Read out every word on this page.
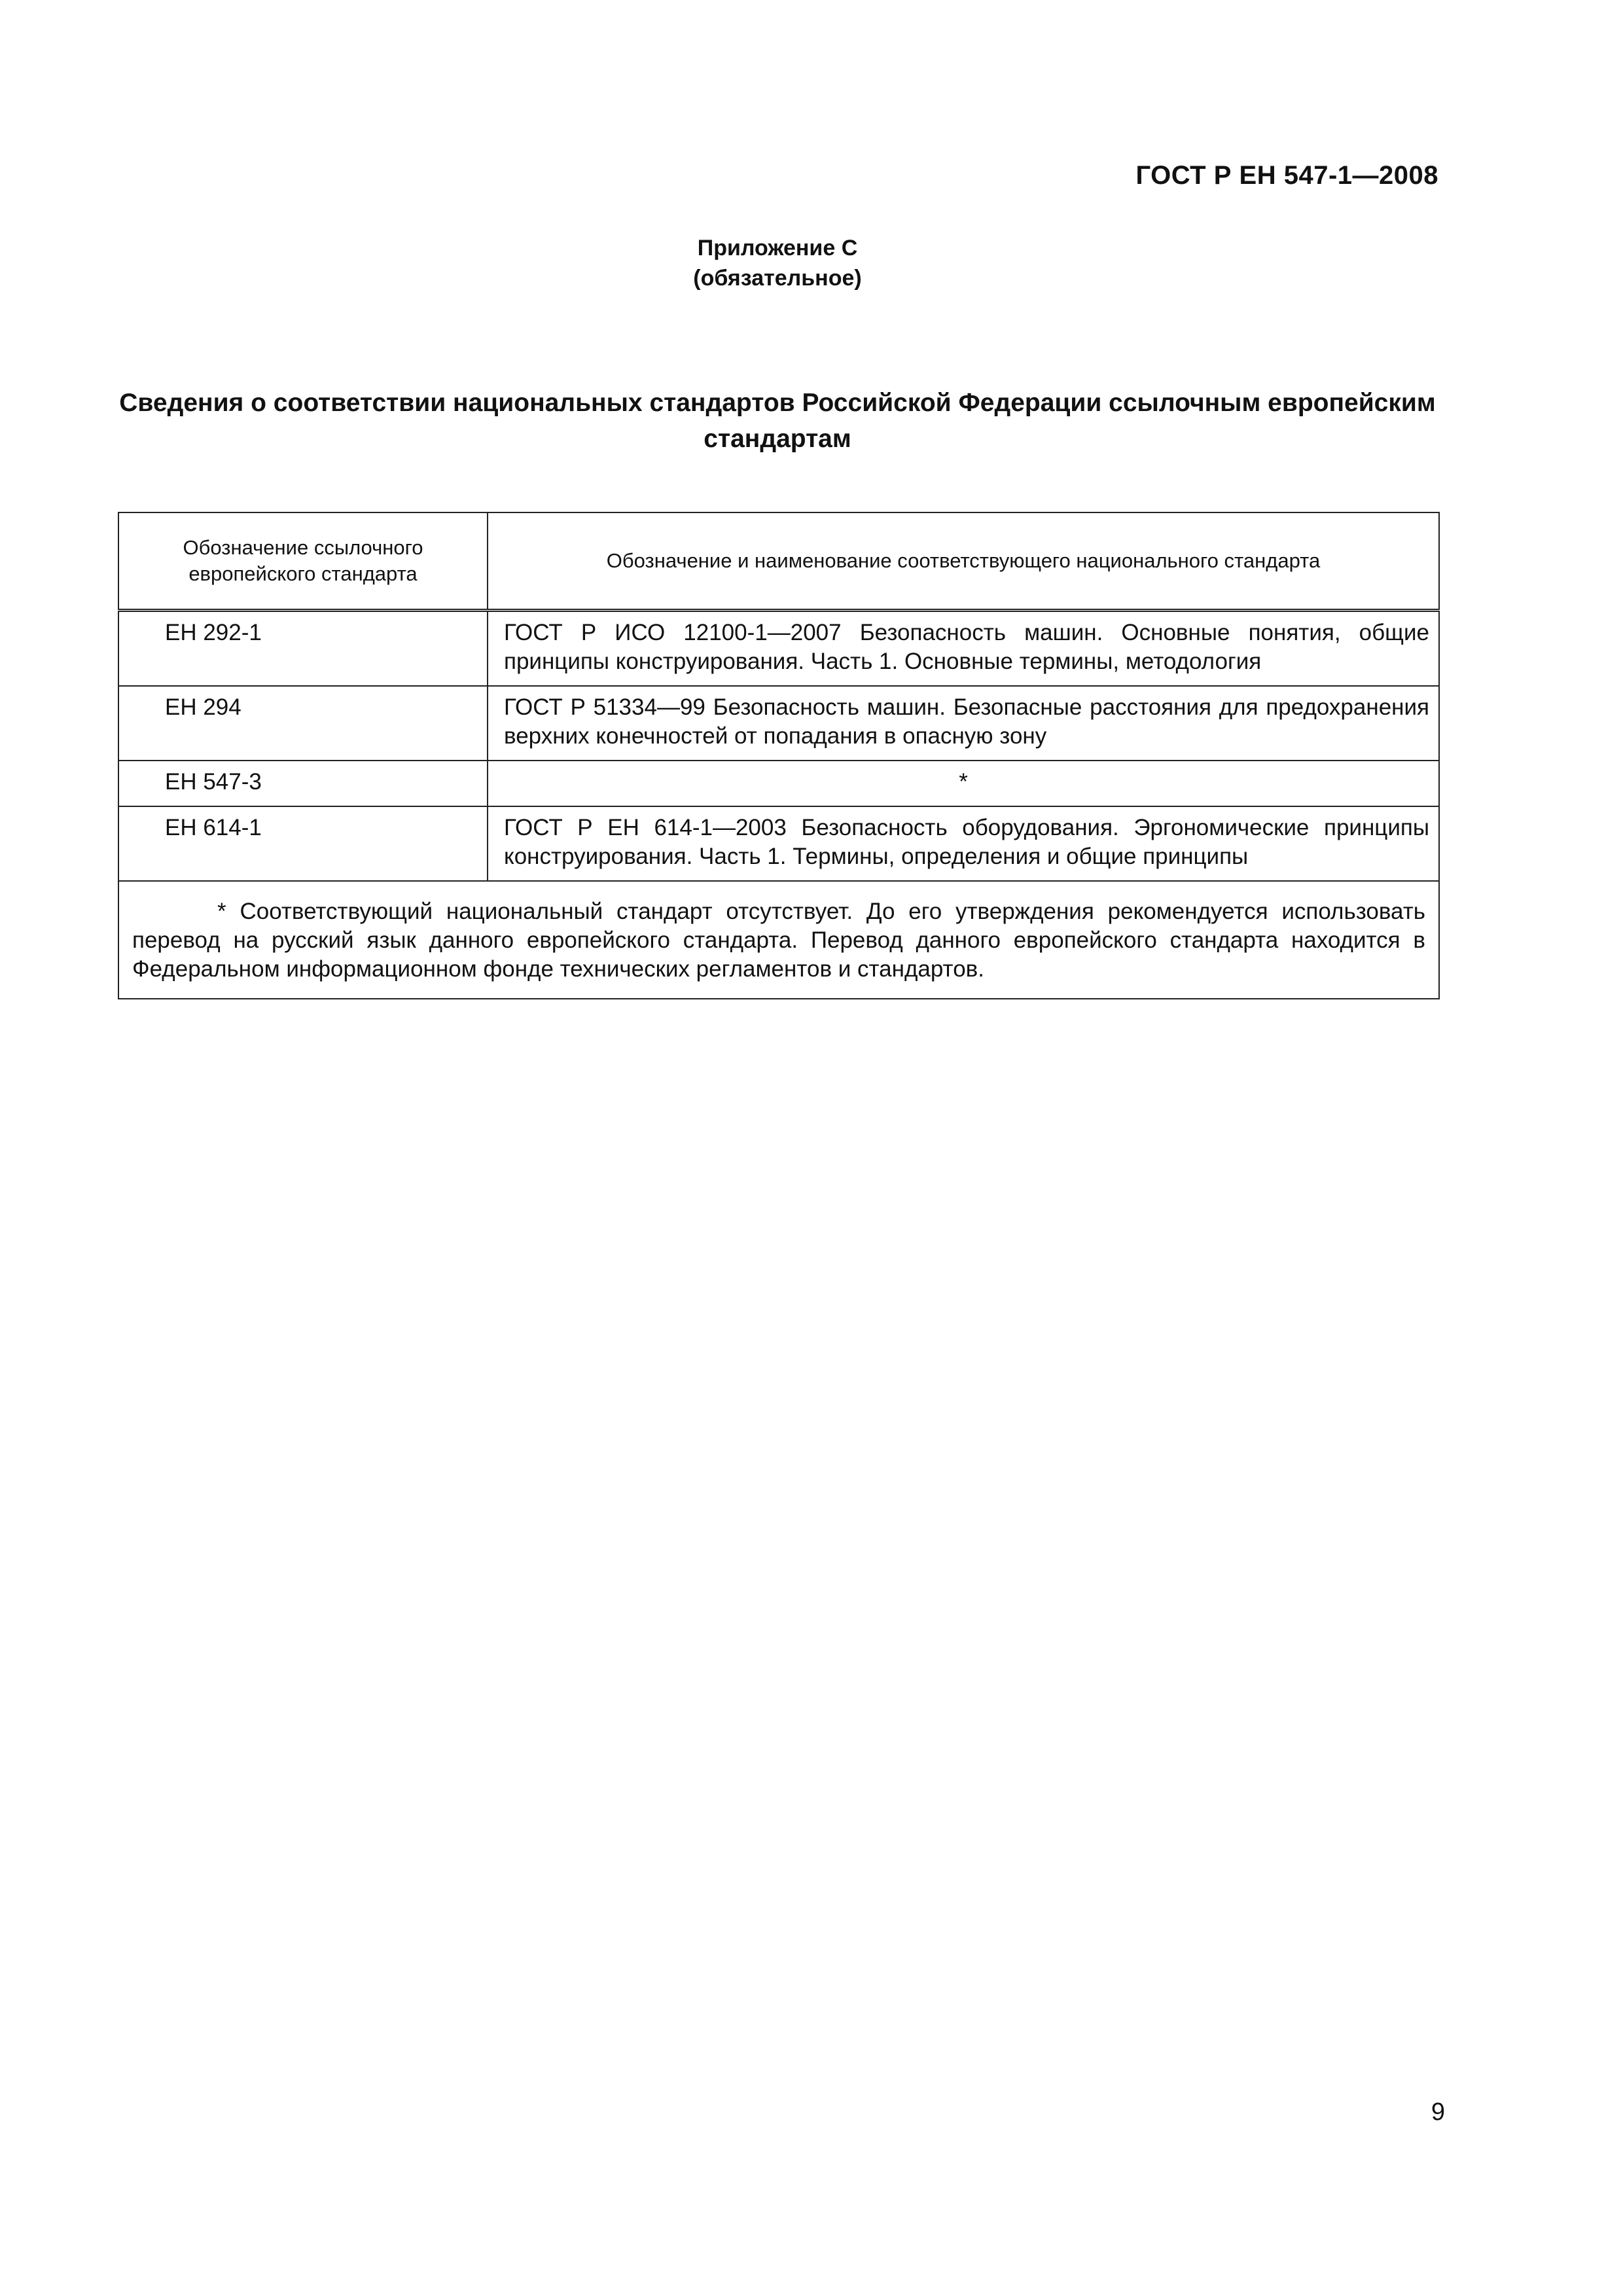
ГОСТ Р ЕН 547-1—2008
Приложение С
(обязательное)
Сведения о соответствии национальных стандартов Российской Федерации ссылочным европейским стандартам
Обозначение ссылочного европейского стандарта	Обозначение и наименование соответствующего национального стандарта
ЕН 292-1	ГОСТ Р ИСО 12100-1—2007 Безопасность машин. Основные понятия, общие принципы конструирования. Часть 1. Основные термины, методология
ЕН 294	ГОСТ Р 51334—99 Безопасность машин. Безопасные расстояния для предохранения верхних конечностей от попадания в опасную зону
ЕН 547-3	*
ЕН 614-1	ГОСТ Р ЕН 614-1—2003 Безопасность оборудования. Эргономические принципы конструирования. Часть 1. Термины, определения и общие принципы
* Соответствующий национальный стандарт отсутствует. До его утверждения рекомендуется использовать перевод на русский язык данного европейского стандарта. Перевод данного европейского стандарта находится в Федеральном информационном фонде технических регламентов и стандартов.	
9
